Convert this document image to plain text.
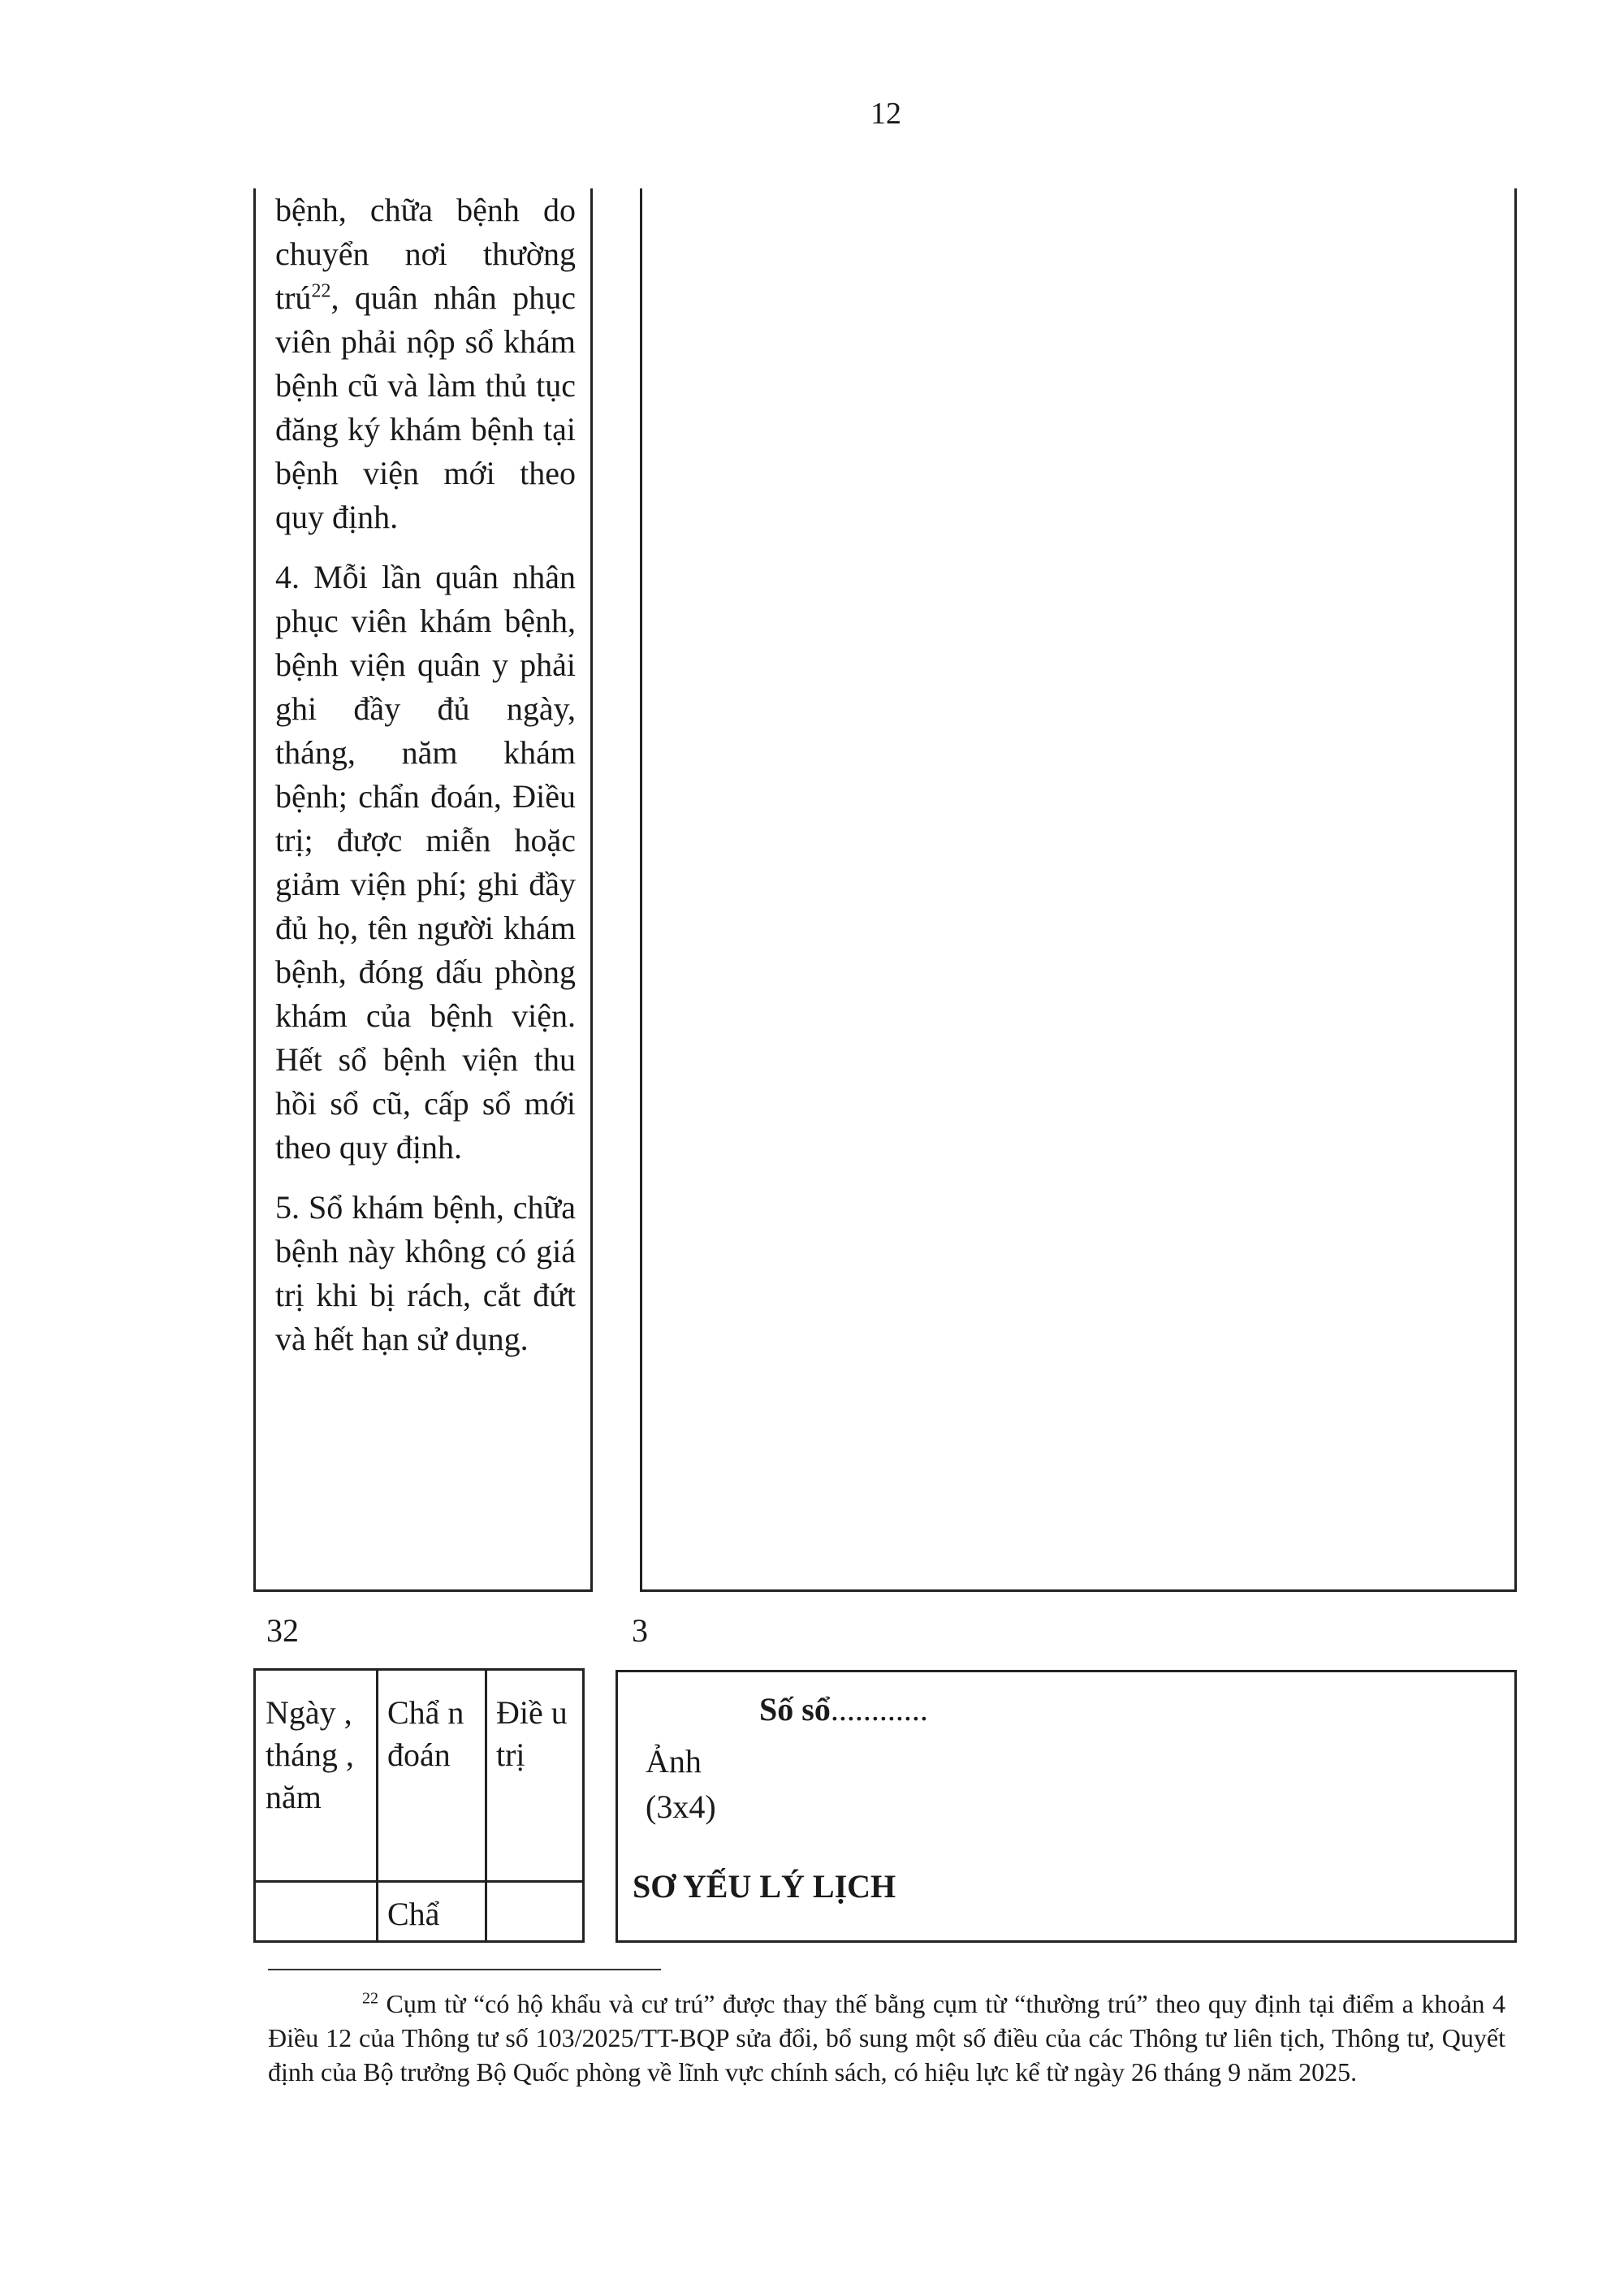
12

bệnh, chữa bệnh do chuyển nơi thường trú$^{22}$, quân nhân phục viên phải nộp sổ khám bệnh cũ và làm thủ tục đăng ký khám bệnh tại bệnh viện mới theo quy định.

4. Mỗi lần quân nhân phục viên khám bệnh, bệnh viện quân y phải ghi đầy đủ ngày, tháng, năm khám bệnh; chẩn đoán, Điều trị; được miễn hoặc giảm viện phí; ghi đầy đủ họ, tên người khám bệnh, đóng dấu phòng khám của bệnh viện. Hết sổ bệnh viện thu hồi sổ cũ, cấp sổ mới theo quy định.

5. Sổ khám bệnh, chữa bệnh này không có giá trị khi bị rách, cắt đứt và hết hạn sử dụng.

32	3
Ngày , tháng , năm
Chẩ n đoán
Điề u trị
Chẩ
Số sổ............
Ảnh
(3x4)
SƠ YẾU LÝ LỊCH
$^{22}$ Cụm từ “có hộ khẩu và cư trú” được thay thế bằng cụm từ “thường trú” theo quy định tại điểm a khoản 4 Điều 12 của Thông tư số 103/2025/TT-BQP sửa đổi, bổ sung một số điều của các Thông tư liên tịch, Thông tư, Quyết định của Bộ trưởng Bộ Quốc phòng về lĩnh vực chính sách, có hiệu lực kể từ ngày 26 tháng 9 năm 2025.
